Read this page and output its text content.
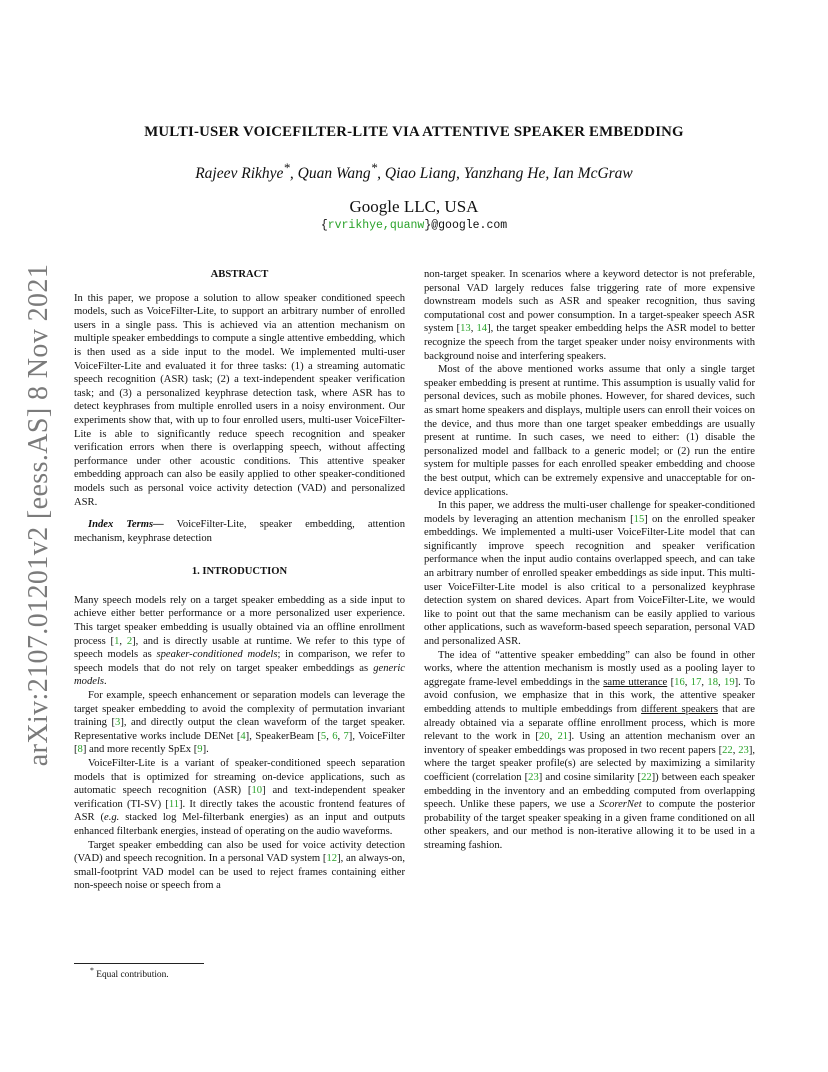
arXiv:2107.01201v2 [eess.AS] 8 Nov 2021
MULTI-USER VOICEFILTER-LITE VIA ATTENTIVE SPEAKER EMBEDDING
Rajeev Rikhye*, Quan Wang*, Qiao Liang, Yanzhang He, Ian McGraw
Google LLC, USA
{rvrikhye,quanw}@google.com

ABSTRACT

In this paper, we propose a solution to allow speaker conditioned speech models, such as VoiceFilter-Lite, to support an arbitrary number of enrolled users in a single pass. This is achieved via an attention mechanism on multiple speaker embeddings to compute a single attentive embedding, which is then used as a side input to the model. We implemented multi-user VoiceFilter-Lite and evaluated it for three tasks: (1) a streaming automatic speech recognition (ASR) task; (2) a text-independent speaker verification task; and (3) a personalized keyphrase detection task, where ASR has to detect keyphrases from multiple enrolled users in a noisy environment. Our experiments show that, with up to four enrolled users, multi-user VoiceFilter-Lite is able to significantly reduce speech recognition and speaker verification errors when there is overlapping speech, without affecting performance under other acoustic conditions. This attentive speaker embedding approach can also be easily applied to other speaker-conditioned models such as personal voice activity detection (VAD) and personalized ASR.

Index Terms— VoiceFilter-Lite, speaker embedding, attention mechanism, keyphrase detection

1. INTRODUCTION

Many speech models rely on a target speaker embedding as a side input to achieve either better performance or a more personalized user experience. This target speaker embedding is usually obtained via an offline enrollment process [1, 2], and is directly usable at runtime. We refer to this type of speech models as speaker-conditioned models; in comparison, we refer to speech models that do not rely on target speaker embeddings as generic models.

For example, speech enhancement or separation models can leverage the target speaker embedding to avoid the complexity of permutation invariant training [3], and directly output the clean waveform of the target speaker. Representative works include DENet [4], SpeakerBeam [5, 6, 7], VoiceFilter [8] and more recently SpEx [9].

VoiceFilter-Lite is a variant of speaker-conditioned speech separation models that is optimized for streaming on-device applications, such as automatic speech recognition (ASR) [10] and text-independent speaker verification (TI-SV) [11]. It directly takes the acoustic frontend features of ASR (e.g. stacked log Mel-filterbank energies) as an input and outputs enhanced filterbank energies, instead of operating on the audio waveforms.

Target speaker embedding can also be used for voice activity detection (VAD) and speech recognition. In a personal VAD system [12], an always-on, small-footprint VAD model can be used to reject frames containing either non-speech noise or speech from a

non-target speaker. In scenarios where a keyword detector is not preferable, personal VAD largely reduces false triggering rate of more expensive downstream models such as ASR and speaker recognition, thus saving computational cost and power consumption. In a target-speaker speech ASR system [13, 14], the target speaker embedding helps the ASR model to better recognize the speech from the target speaker under noisy environments with background noise and interfering speakers.

Most of the above mentioned works assume that only a single target speaker embedding is present at runtime. This assumption is usually valid for personal devices, such as mobile phones. However, for shared devices, such as smart home speakers and displays, multiple users can enroll their voices on the device, and thus more than one target speaker embeddings are usually present at runtime. In such cases, we need to either: (1) disable the personalized model and fallback to a generic model; or (2) run the entire system for multiple passes for each enrolled speaker embedding and choose the best output, which can be extremely expensive and unacceptable for on-device applications.

In this paper, we address the multi-user challenge for speaker-conditioned models by leveraging an attention mechanism [15] on the enrolled speaker embeddings. We implemented a multi-user VoiceFilter-Lite model that can significantly improve speech recognition and speaker verification performance when the input audio contains overlapped speech, and can take an arbitrary number of enrolled speaker embeddings as side input. This multi-user VoiceFilter-Lite model is also critical to a personalized keyphrase detection system on shared devices. Apart from VoiceFilter-Lite, we would like to point out that the same mechanism can be easily applied to various other applications, such as waveform-based speech separation, personal VAD and personalized ASR.

The idea of “attentive speaker embedding” can also be found in other works, where the attention mechanism is mostly used as a pooling layer to aggregate frame-level embeddings in the same utterance [16, 17, 18, 19]. To avoid confusion, we emphasize that in this work, the attentive speaker embedding attends to multiple embeddings from different speakers that are already obtained via a separate offline enrollment process, which is more relevant to the work in [20, 21]. Using an attention mechanism over an inventory of speaker embeddings was proposed in two recent papers [22, 23], where the target speaker profile(s) are selected by maximizing a similarity coefficient (correlation [23] and cosine similarity [22]) between each speaker embedding in the inventory and an embedding computed from overlapping speech. Unlike these papers, we use a ScorerNet to compute the posterior probability of the target speaker speaking in a given frame conditioned on all other speakers, and our method is non-iterative allowing it to be used in a streaming fashion.

* Equal contribution.
